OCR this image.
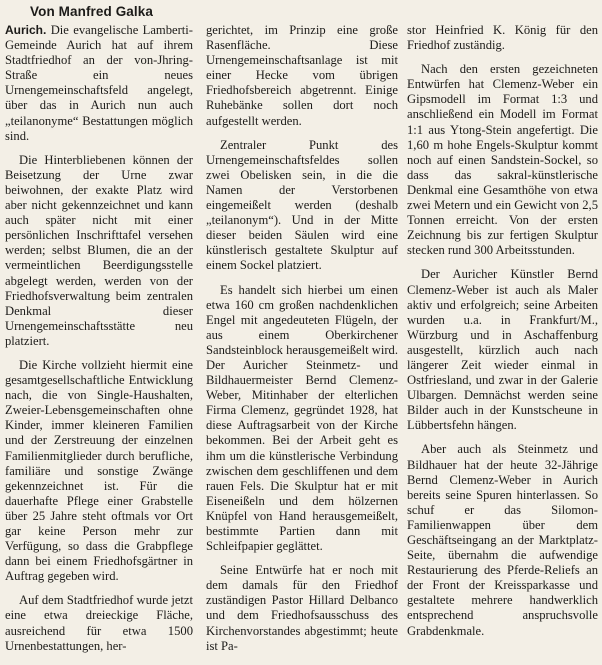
Von Manfred Galka

Aurich. Die evangelische Lamberti-Gemeinde Aurich hat auf ihrem Stadtfriedhof an der von-Jhring-Straße ein neues Urnengemeinschaftsfeld angelegt, über das in Aurich nun auch „teilanonyme“ Bestattungen möglich sind.

Die Hinterbliebenen können der Beisetzung der Urne zwar beiwohnen, der exakte Platz wird aber nicht gekennzeichnet und kann auch später nicht mit einer persönlichen Inschrifttafel versehen werden; selbst Blumen, die an der vermeintlichen Beerdigungsstelle abgelegt werden, werden von der Friedhofsverwaltung beim zentralen Denkmal dieser Urnengemeinschaftsstätte neu platziert.

Die Kirche vollzieht hiermit eine gesamtgesellschaftliche Entwicklung nach, die von Single-Haushalten, Zweier-Lebensgemeinschaften ohne Kinder, immer kleineren Familien und der Zerstreuung der einzelnen Familienmitglieder durch berufliche, familiäre und sonstige Zwänge gekennzeichnet ist. Für die dauerhafte Pflege einer Grabstelle über 25 Jahre steht oftmals vor Ort gar keine Person mehr zur Verfügung, so dass die Grabpflege dann bei einem Friedhofsgärtner in Auftrag gegeben wird.

Auf dem Stadtfriedhof wurde jetzt eine etwa dreieckige Fläche, ausreichend für etwa 1500 Urnenbestattungen, her-

gerichtet, im Prinzip eine große Rasenfläche. Diese Urnengemeinschaftsanlage ist mit einer Hecke vom übrigen Friedhofsbereich abgetrennt. Einige Ruhebänke sollen dort noch aufgestellt werden.

Zentraler Punkt des Urnengemeinschaftsfeldes sollen zwei Obelisken sein, in die die Namen der Verstorbenen eingemeißelt werden (deshalb „teilanonym“). Und in der Mitte dieser beiden Säulen wird eine künstlerisch gestaltete Skulptur auf einem Sockel platziert.

Es handelt sich hierbei um einen etwa 160 cm großen nachdenklichen Engel mit angedeuteten Flügeln, der aus einem Oberkirchener Sandsteinblock herausgemeißelt wird. Der Auricher Steinmetz- und Bildhauermeister Bernd Clemenz-Weber, Mitinhaber der elterlichen Firma Clemenz, gegründet 1928, hat diese Auftragsarbeit von der Kirche bekommen. Bei der Arbeit geht es ihm um die künstlerische Verbindung zwischen dem geschliffenen und dem rauen Fels. Die Skulptur hat er mit Eiseneißeln und dem hölzernen Knüpfel von Hand herausgemeißelt, bestimmte Partien dann mit Schleifpapier geglättet.

Seine Entwürfe hat er noch mit dem damals für den Friedhof zuständigen Pastor Hillard Delbanco und dem Friedhofsausschuss des Kirchenvorstandes abgestimmt; heute ist Pa-

stor Heinfried K. König für den Friedhof zuständig.

Nach den ersten gezeichneten Entwürfen hat Clemenz-Weber ein Gipsmodell im Format 1:3 und anschließend ein Modell im Format 1:1 aus Ytong-Stein angefertigt. Die 1,60 m hohe Engels-Skulptur kommt noch auf einen Sandstein-Sockel, so dass das sakral-künstlerische Denkmal eine Gesamthöhe von etwa zwei Metern und ein Gewicht von 2,5 Tonnen erreicht. Von der ersten Zeichnung bis zur fertigen Skulptur stecken rund 300 Arbeitsstunden.

Der Auricher Künstler Bernd Clemenz-Weber ist auch als Maler aktiv und erfolgreich; seine Arbeiten wurden u.a. in Frankfurt/M., Würzburg und in Aschaffenburg ausgestellt, kürzlich auch nach längerer Zeit wieder einmal in Ostfriesland, und zwar in der Galerie Ulbargen. Demnächst werden seine Bilder auch in der Kunstscheune in Lübbertsfehn hängen.

Aber auch als Steinmetz und Bildhauer hat der heute 32-Jährige Bernd Clemenz-Weber in Aurich bereits seine Spuren hinterlassen. So schuf er das Silomon-Familienwappen über dem Geschäftseingang an der Marktplatz-Seite, übernahm die aufwendige Restaurierung des Pferde-Reliefs an der Front der Kreissparkasse und gestaltete mehrere handwerklich entsprechend anspruchsvolle Grabdenkmale.
